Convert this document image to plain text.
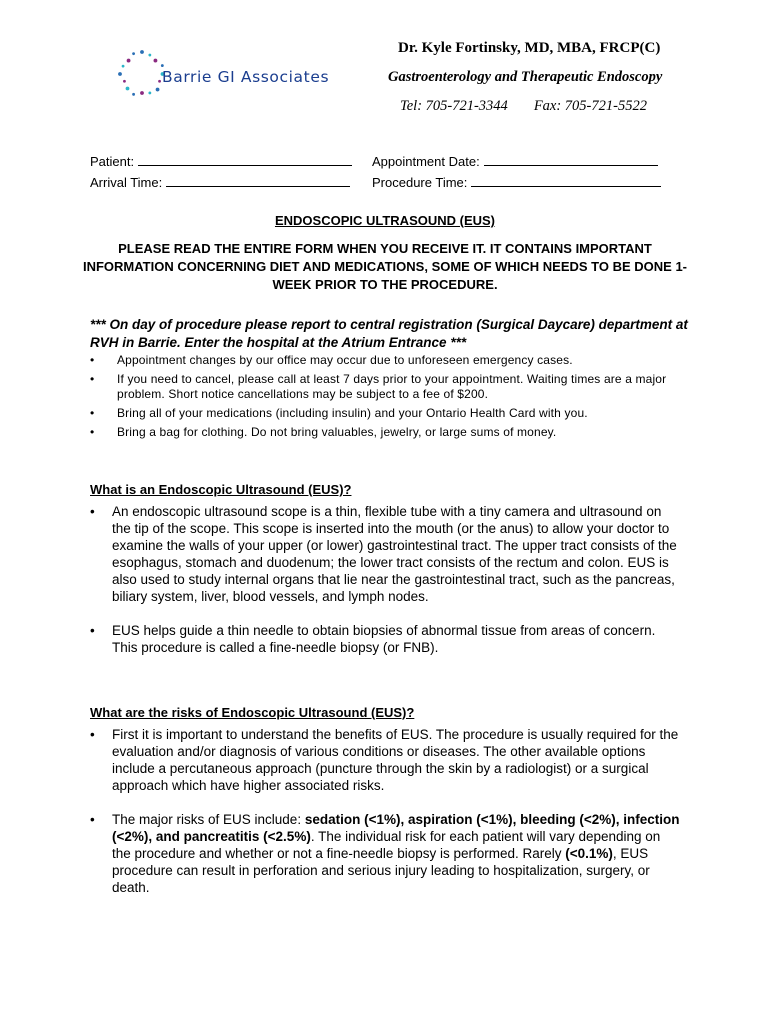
Barrie GI Associates
Dr. Kyle Fortinsky, MD, MBA, FRCP(C)
Gastroenterology and Therapeutic Endoscopy
Tel: 705-721-3344 Fax: 705-721-5522
Patient:	Appointment Date:
Arrival Time:	Procedure Time:
ENDOSCOPIC ULTRASOUND (EUS)
PLEASE READ THE ENTIRE FORM WHEN YOU RECEIVE IT. IT CONTAINS IMPORTANT INFORMATION CONCERNING DIET AND MEDICATIONS, SOME OF WHICH NEEDS TO BE DONE 1-WEEK PRIOR TO THE PROCEDURE.
*** On day of procedure please report to central registration (Surgical Daycare) department at RVH in Barrie. Enter the hospital at the Atrium Entrance ***
• Appointment changes by our office may occur due to unforeseen emergency cases.
• If you need to cancel, please call at least 7 days prior to your appointment. Waiting times are a major problem. Short notice cancellations may be subject to a fee of $200.
• Bring all of your medications (including insulin) and your Ontario Health Card with you.
• Bring a bag for clothing. Do not bring valuables, jewelry, or large sums of money.
What is an Endoscopic Ultrasound (EUS)?
• An endoscopic ultrasound scope is a thin, flexible tube with a tiny camera and ultrasound on the tip of the scope. This scope is inserted into the mouth (or the anus) to allow your doctor to examine the walls of your upper (or lower) gastrointestinal tract. The upper tract consists of the esophagus, stomach and duodenum; the lower tract consists of the rectum and colon. EUS is also used to study internal organs that lie near the gastrointestinal tract, such as the pancreas, biliary system, liver, blood vessels, and lymph nodes.
• EUS helps guide a thin needle to obtain biopsies of abnormal tissue from areas of concern. This procedure is called a fine-needle biopsy (or FNB).
What are the risks of Endoscopic Ultrasound (EUS)?
• First it is important to understand the benefits of EUS. The procedure is usually required for the evaluation and/or diagnosis of various conditions or diseases. The other available options include a percutaneous approach (puncture through the skin by a radiologist) or a surgical approach which have higher associated risks.
• The major risks of EUS include: sedation (<1%), aspiration (<1%), bleeding (<2%), infection (<2%), and pancreatitis (<2.5%). The individual risk for each patient will vary depending on the procedure and whether or not a fine-needle biopsy is performed. Rarely (<0.1%), EUS procedure can result in perforation and serious injury leading to hospitalization, surgery, or death.
